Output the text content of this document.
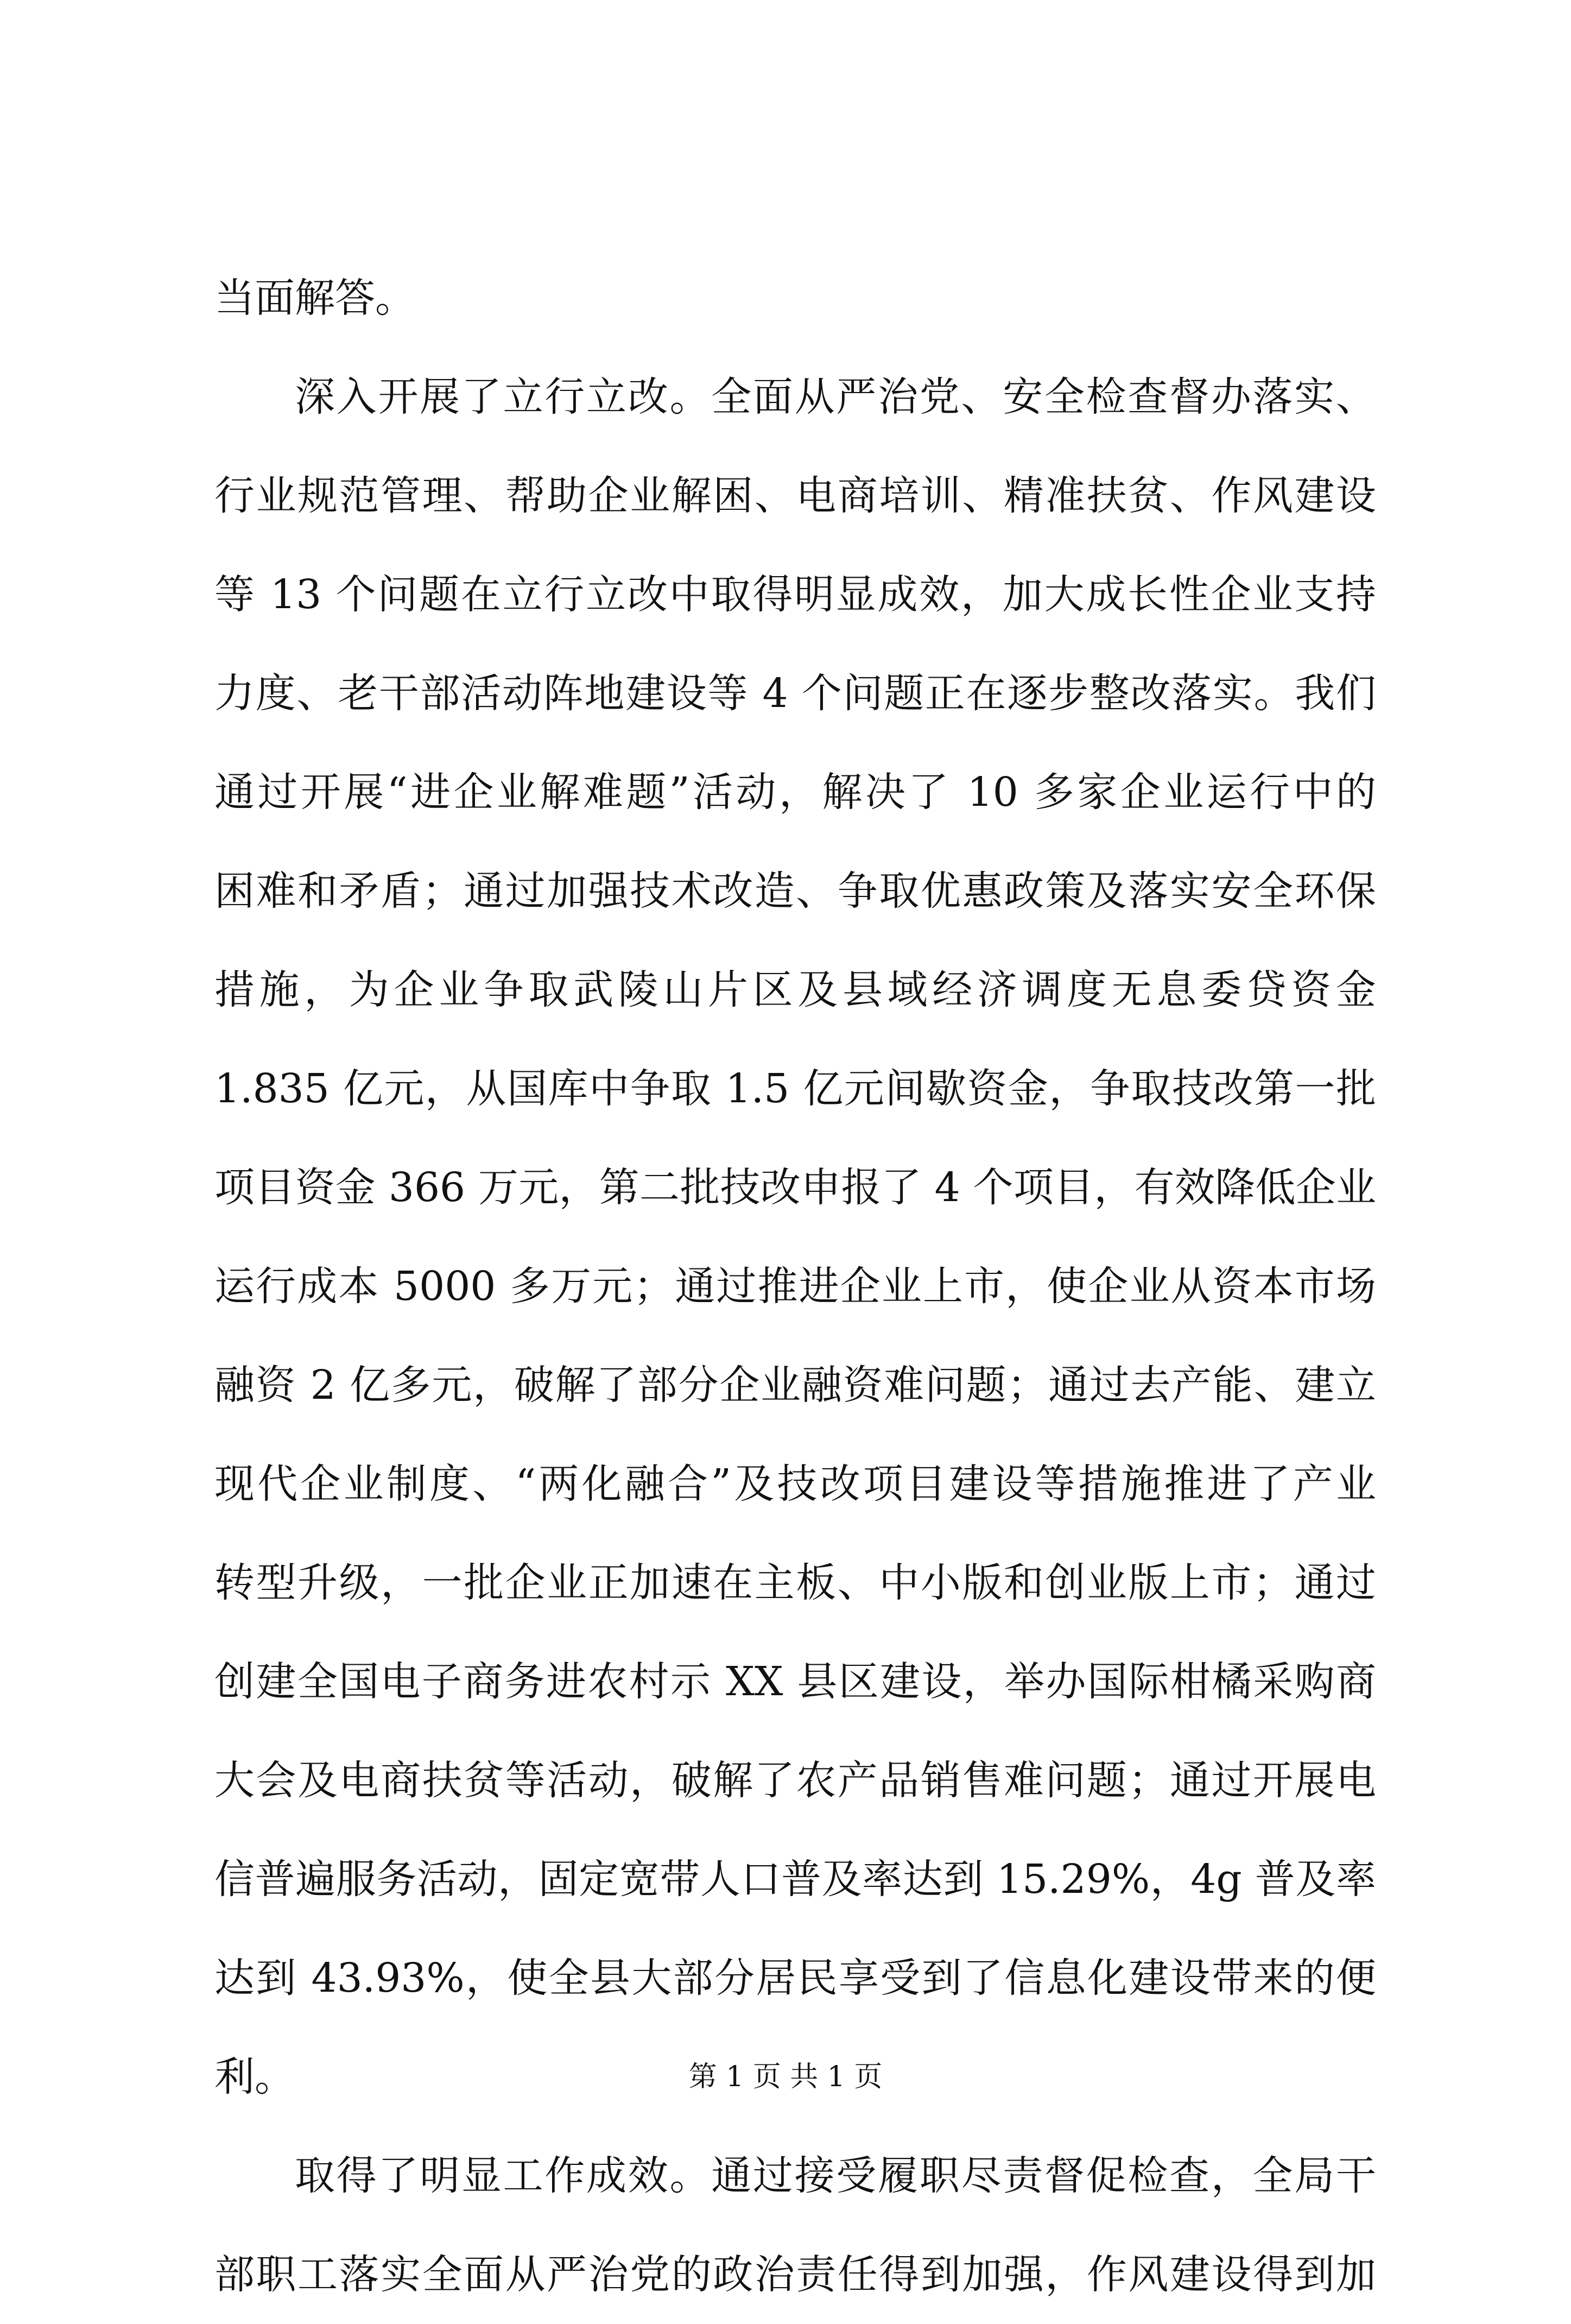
当面解答。
深入开展了立行立改。全面从严治党、安全检查督办落实、
行业规范管理、帮助企业解困、电商培训、精准扶贫、作风建设
等 13 个问题在立行立改中取得明显成效，加大成长性企业支持
力度、老干部活动阵地建设等 4 个问题正在逐步整改落实。我们
通过开展“进企业解难题”活动，解决了 10 多家企业运行中的
困难和矛盾；通过加强技术改造、争取优惠政策及落实安全环保
措施，为企业争取武陵山片区及县域经济调度无息委贷资金
1.835 亿元，从国库中争取 1.5 亿元间歇资金，争取技改第一批
项目资金 366 万元，第二批技改申报了 4 个项目，有效降低企业
运行成本 5000 多万元；通过推进企业上市，使企业从资本市场
融资 2 亿多元，破解了部分企业融资难问题；通过去产能、建立
现代企业制度、“两化融合”及技改项目建设等措施推进了产业
转型升级，一批企业正加速在主板、中小版和创业版上市；通过
创建全国电子商务进农村示 XX 县区建设，举办国际柑橘采购商
大会及电商扶贫等活动，破解了农产品销售难问题；通过开展电
信普遍服务活动，固定宽带人口普及率达到 15.29%，4g 普及率
达到 43.93%，使全县大部分居民享受到了信息化建设带来的便
利。
取得了明显工作成效。通过接受履职尽责督促检查，全局干
部职工落实全面从严治党的政治责任得到加强，作风建设得到加
第 1 页 共 1 页
